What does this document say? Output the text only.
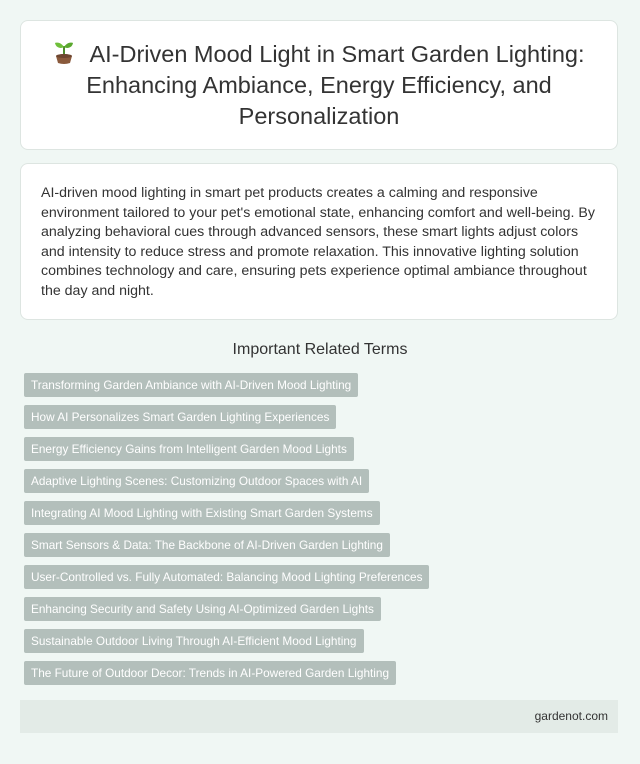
AI-Driven Mood Light in Smart Garden Lighting: Enhancing Ambiance, Energy Efficiency, and Personalization

AI-driven mood lighting in smart pet products creates a calming and responsive environment tailored to your pet's emotional state, enhancing comfort and well-being. By analyzing behavioral cues through advanced sensors, these smart lights adjust colors and intensity to reduce stress and promote relaxation. This innovative lighting solution combines technology and care, ensuring pets experience optimal ambiance throughout the day and night.

Important Related Terms
Transforming Garden Ambiance with AI-Driven Mood Lighting
How AI Personalizes Smart Garden Lighting Experiences
Energy Efficiency Gains from Intelligent Garden Mood Lights
Adaptive Lighting Scenes: Customizing Outdoor Spaces with AI
Integrating AI Mood Lighting with Existing Smart Garden Systems
Smart Sensors & Data: The Backbone of AI-Driven Garden Lighting
User-Controlled vs. Fully Automated: Balancing Mood Lighting Preferences
Enhancing Security and Safety Using AI-Optimized Garden Lights
Sustainable Outdoor Living Through AI-Efficient Mood Lighting
The Future of Outdoor Decor: Trends in AI-Powered Garden Lighting
gardenot.com
